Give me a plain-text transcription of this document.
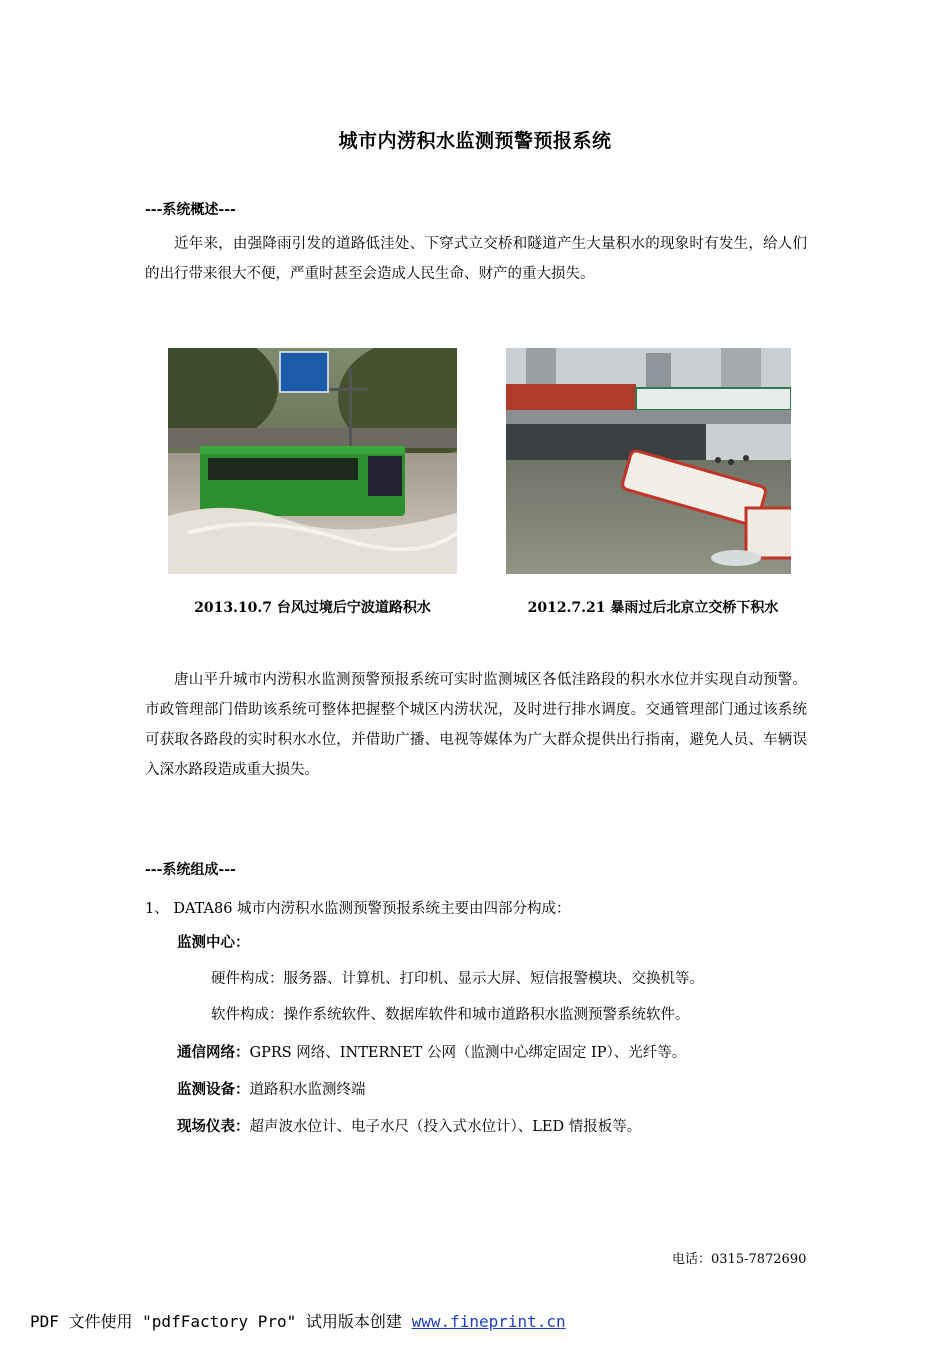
城市内涝积水监测预警预报系统
---系统概述---
近年来，由强降雨引发的道路低洼处、下穿式立交桥和隧道产生大量积水的现象时有发生，给人们的出行带来很大不便，严重时甚至会造成人民生命、财产的重大损失。
2013.10.7 台风过境后宁波道路积水	2012.7.21 暴雨过后北京立交桥下积水
唐山平升城市内涝积水监测预警预报系统可实时监测城区各低洼路段的积水水位并实现自动预警。市政管理部门借助该系统可整体把握整个城区内涝状况，及时进行排水调度。交通管理部门通过该系统可获取各路段的实时积水水位，并借助广播、电视等媒体为广大群众提供出行指南，避免人员、车辆误入深水路段造成重大损失。
---系统组成---
1、 DATA86 城市内涝积水监测预警预报系统主要由四部分构成：
监测中心：
硬件构成：服务器、计算机、打印机、显示大屏、短信报警模块、交换机等。
软件构成：操作系统软件、数据库软件和城市道路积水监测预警系统软件。
通信网络：GPRS 网络、INTERNET 公网（监测中心绑定固定 IP）、光纤等。
监测设备：道路积水监测终端
现场仪表：超声波水位计、电子水尺（投入式水位计）、LED 情报板等。
电话：0315-7872690
PDF 文件使用 "pdfFactory Pro" 试用版本创建 www.fineprint.cn
